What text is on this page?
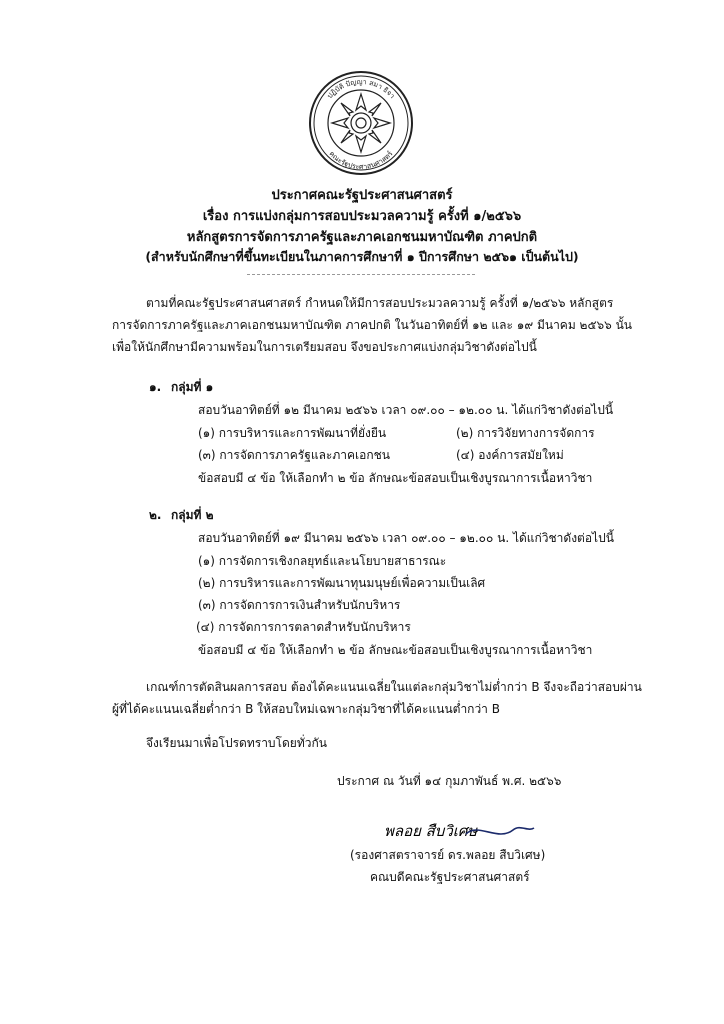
ปฏิบัติ ปัญญา สมา ธิจา
คณะรัฐประศาสนศาสตร์
ประกาศคณะรัฐประศาสนศาสตร์
เรื่อง การแบ่งกลุ่มการสอบประมวลความรู้ ครั้งที่ ๑/๒๕๖๖
หลักสูตรการจัดการภาครัฐและภาคเอกชนมหาบัณฑิต ภาคปกติ
(สำหรับนักศึกษาที่ขึ้นทะเบียนในภาคการศึกษาที่ ๑ ปีการศึกษา ๒๕๖๑ เป็นต้นไป)
ตามที่คณะรัฐประศาสนศาสตร์ กำหนดให้มีการสอบประมวลความรู้ ครั้งที่ ๑/๒๕๖๖ หลักสูตร
การจัดการภาครัฐและภาคเอกชนมหาบัณฑิต ภาคปกติ ในวันอาทิตย์ที่ ๑๒ และ ๑๙ มีนาคม ๒๕๖๖ นั้น
เพื่อให้นักศึกษามีความพร้อมในการเตรียมสอบ จึงขอประกาศแบ่งกลุ่มวิชาดังต่อไปนี้
๑. กลุ่มที่ ๑
สอบวันอาทิตย์ที่ ๑๒ มีนาคม ๒๕๖๖ เวลา ๐๙.๐๐ – ๑๒.๐๐ น. ได้แก่วิชาดังต่อไปนี้
(๑) การบริหารและการพัฒนาที่ยั่งยืน	(๒) การวิจัยทางการจัดการ
(๓) การจัดการภาครัฐและภาคเอกชน	(๔) องค์การสมัยใหม่
ข้อสอบมี ๔ ข้อ ให้เลือกทำ ๒ ข้อ ลักษณะข้อสอบเป็นเชิงบูรณาการเนื้อหาวิชา
๒. กลุ่มที่ ๒
สอบวันอาทิตย์ที่ ๑๙ มีนาคม ๒๕๖๖ เวลา ๐๙.๐๐ – ๑๒.๐๐ น. ได้แก่วิชาดังต่อไปนี้
(๑) การจัดการเชิงกลยุทธ์และนโยบายสาธารณะ
(๒) การบริหารและการพัฒนาทุนมนุษย์เพื่อความเป็นเลิศ
(๓) การจัดการการเงินสำหรับนักบริหาร
(๔) การจัดการการตลาดสำหรับนักบริหาร
ข้อสอบมี ๔ ข้อ ให้เลือกทำ ๒ ข้อ ลักษณะข้อสอบเป็นเชิงบูรณาการเนื้อหาวิชา
เกณฑ์การตัดสินผลการสอบ ต้องได้คะแนนเฉลี่ยในแต่ละกลุ่มวิชาไม่ต่ำกว่า B จึงจะถือว่าสอบผ่าน
ผู้ที่ได้คะแนนเฉลี่ยต่ำกว่า B ให้สอบใหม่เฉพาะกลุ่มวิชาที่ได้คะแนนต่ำกว่า B
จึงเรียนมาเพื่อโปรดทราบโดยทั่วกัน
ประกาศ ณ วันที่ ๑๔ กุมภาพันธ์ พ.ศ. ๒๕๖๖
พลอย สืบวิเศษ
(รองศาสตราจารย์ ดร.พลอย สืบวิเศษ)
คณบดีคณะรัฐประศาสนศาสตร์
